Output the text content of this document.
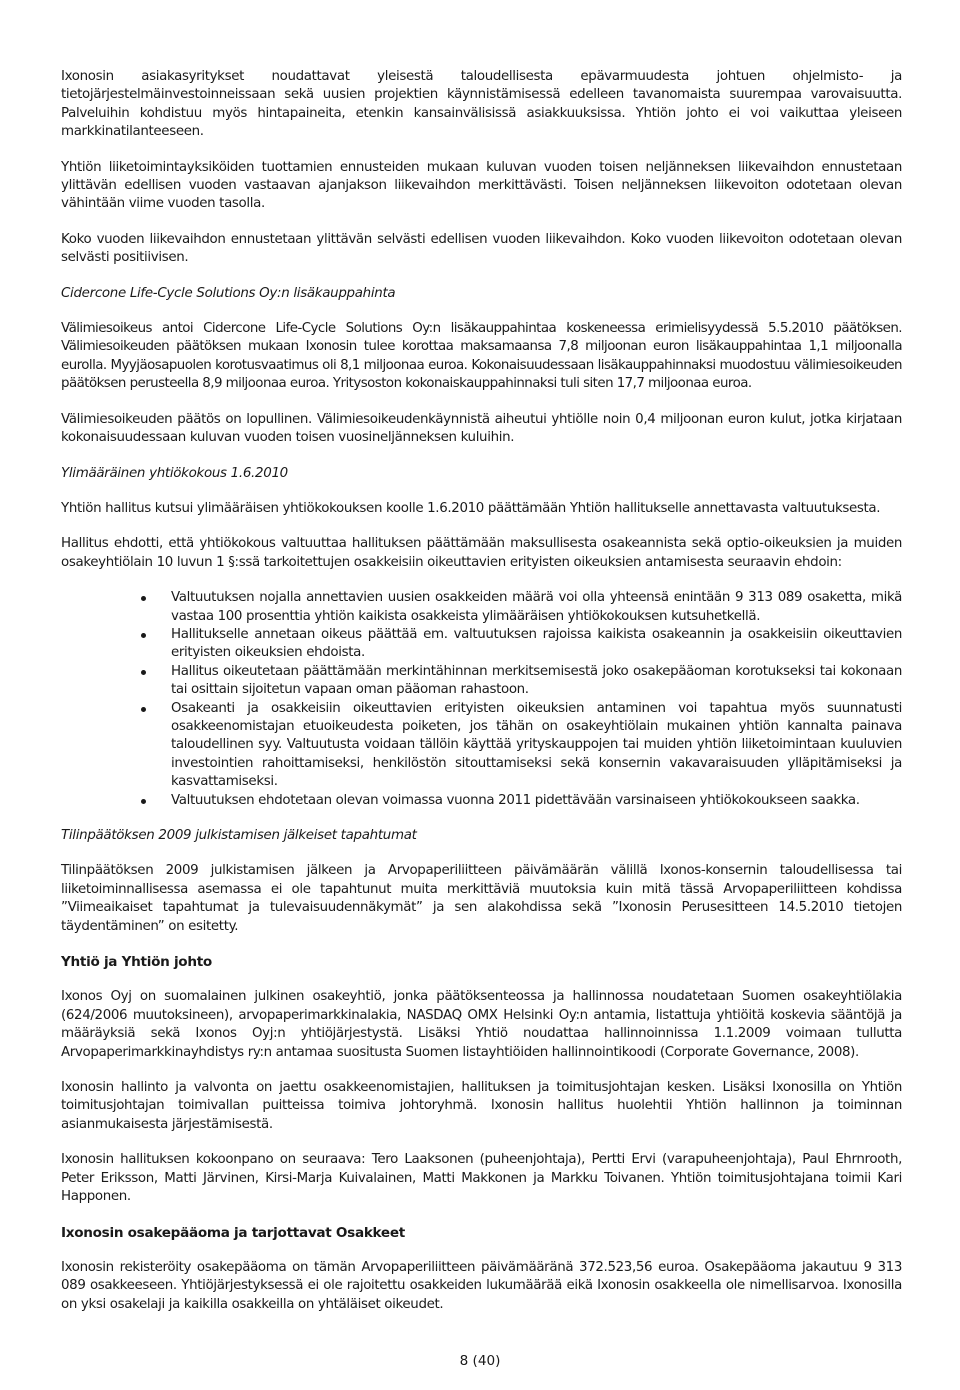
Ixonosin asiakasyritykset noudattavat yleisestä taloudellisesta epävarmuudesta johtuen ohjelmisto- ja tietojärjestelmäinvestoinneissaan sekä uusien projektien käynnistämisessä edelleen tavanomaista suurempaa varovaisuutta. Palveluihin kohdistuu myös hintapaineita, etenkin kansainvälisissä asiakkuuksissa. Yhtiön johto ei voi vaikuttaa yleiseen markkinatilanteeseen.

Yhtiön liiketoimintayksiköiden tuottamien ennusteiden mukaan kuluvan vuoden toisen neljänneksen liikevaihdon ennustetaan ylittävän edellisen vuoden vastaavan ajanjakson liikevaihdon merkittävästi. Toisen neljänneksen liikevoiton odotetaan olevan vähintään viime vuoden tasolla.

Koko vuoden liikevaihdon ennustetaan ylittävän selvästi edellisen vuoden liikevaihdon. Koko vuoden liikevoiton odotetaan olevan selvästi positiivisen.

Cidercone Life-Cycle Solutions Oy:n lisäkauppahinta

Välimiesoikeus antoi Cidercone Life-Cycle Solutions Oy:n lisäkauppahintaa koskeneessa erimielisyydessä 5.5.2010 päätöksen. Välimiesoikeuden päätöksen mukaan Ixonosin tulee korottaa maksamaansa 7,8 miljoonan euron lisäkauppahintaa 1,1 miljoonalla eurolla. Myyjäosapuolen korotusvaatimus oli 8,1 miljoonaa euroa. Kokonaisuudessaan lisäkauppahinnaksi muodostuu välimiesoikeuden päätöksen perusteella 8,9 miljoonaa euroa. Yritysoston kokonaiskauppahinnaksi tuli siten 17,7 miljoonaa euroa.

Välimiesoikeuden päätös on lopullinen. Välimiesoikeudenkäynnistä aiheutui yhtiölle noin 0,4 miljoonan euron kulut, jotka kirjataan kokonaisuudessaan kuluvan vuoden toisen vuosineljänneksen kuluihin.

Ylimääräinen yhtiökokous 1.6.2010

Yhtiön hallitus kutsui ylimääräisen yhtiökokouksen koolle 1.6.2010 päättämään Yhtiön hallitukselle annettavasta valtuutuksesta.

Hallitus ehdotti, että yhtiökokous valtuuttaa hallituksen päättämään maksullisesta osakeannista sekä optio-oikeuksien ja muiden osakeyhtiölain 10 luvun 1 §:ssä tarkoitettujen osakkeisiin oikeuttavien erityisten oikeuksien antamisesta seuraavin ehdoin:

Valtuutuksen nojalla annettavien uusien osakkeiden määrä voi olla yhteensä enintään 9 313 089 osaketta, mikä vastaa 100 prosenttia yhtiön kaikista osakkeista ylimääräisen yhtiökokouksen kutsuhetkellä.
Hallitukselle annetaan oikeus päättää em. valtuutuksen rajoissa kaikista osakeannin ja osakkeisiin oikeuttavien erityisten oikeuksien ehdoista.
Hallitus oikeutetaan päättämään merkintähinnan merkitsemisestä joko osakepääoman korotukseksi tai kokonaan tai osittain sijoitetun vapaan oman pääoman rahastoon.
Osakeanti ja osakkeisiin oikeuttavien erityisten oikeuksien antaminen voi tapahtua myös suunnatusti osakkeenomistajan etuoikeudesta poiketen, jos tähän on osakeyhtiölain mukainen yhtiön kannalta painava taloudellinen syy. Valtuutusta voidaan tällöin käyttää yrityskauppojen tai muiden yhtiön liiketoimintaan kuuluvien investointien rahoittamiseksi, henkilöstön sitouttamiseksi sekä konsernin vakavaraisuuden ylläpitämiseksi ja kasvattamiseksi.
Valtuutuksen ehdotetaan olevan voimassa vuonna 2011 pidettävään varsinaiseen yhtiökokoukseen saakka.
Tilinpäätöksen 2009 julkistamisen jälkeiset tapahtumat

Tilinpäätöksen 2009 julkistamisen jälkeen ja Arvopaperiliitteen päivämäärän välillä Ixonos-konsernin taloudellisessa tai liiketoiminnallisessa asemassa ei ole tapahtunut muita merkittäviä muutoksia kuin mitä tässä Arvopaperiliitteen kohdissa ”Viimeaikaiset tapahtumat ja tulevaisuudennäkymät” ja sen alakohdissa sekä ”Ixonosin Perusesitteen 14.5.2010 tietojen täydentäminen” on esitetty.

Yhtiö ja Yhtiön johto

Ixonos Oyj on suomalainen julkinen osakeyhtiö, jonka päätöksenteossa ja hallinnossa noudatetaan Suomen osakeyhtiölakia (624/2006 muutoksineen), arvopaperimarkkinalakia, NASDAQ OMX Helsinki Oy:n antamia, listattuja yhtiöitä koskevia sääntöjä ja määräyksiä sekä Ixonos Oyj:n yhtiöjärjestystä. Lisäksi Yhtiö noudattaa hallinnoinnissa 1.1.2009 voimaan tullutta Arvopaperimarkkinayhdistys ry:n antamaa suositusta Suomen listayhtiöiden hallinnointikoodi (Corporate Governance, 2008).

Ixonosin hallinto ja valvonta on jaettu osakkeenomistajien, hallituksen ja toimitusjohtajan kesken. Lisäksi Ixonosilla on Yhtiön toimitusjohtajan toimivallan puitteissa toimiva johtoryhmä. Ixonosin hallitus huolehtii Yhtiön hallinnon ja toiminnan asianmukaisesta järjestämisestä.

Ixonosin hallituksen kokoonpano on seuraava: Tero Laaksonen (puheenjohtaja), Pertti Ervi (varapuheenjohtaja), Paul Ehrnrooth, Peter Eriksson, Matti Järvinen, Kirsi-Marja Kuivalainen, Matti Makkonen ja Markku Toivanen. Yhtiön toimitusjohtajana toimii Kari Happonen.

Ixonosin osakepääoma ja tarjottavat Osakkeet

Ixonosin rekisteröity osakepääoma on tämän Arvopaperiliitteen päivämääränä 372.523,56 euroa. Osakepääoma jakautuu 9 313 089 osakkeeseen. Yhtiöjärjestyksessä ei ole rajoitettu osakkeiden lukumäärää eikä Ixonosin osakkeella ole nimellisarvoa. Ixonosilla on yksi osakelaji ja kaikilla osakkeilla on yhtäläiset oikeudet.

8 (40)
